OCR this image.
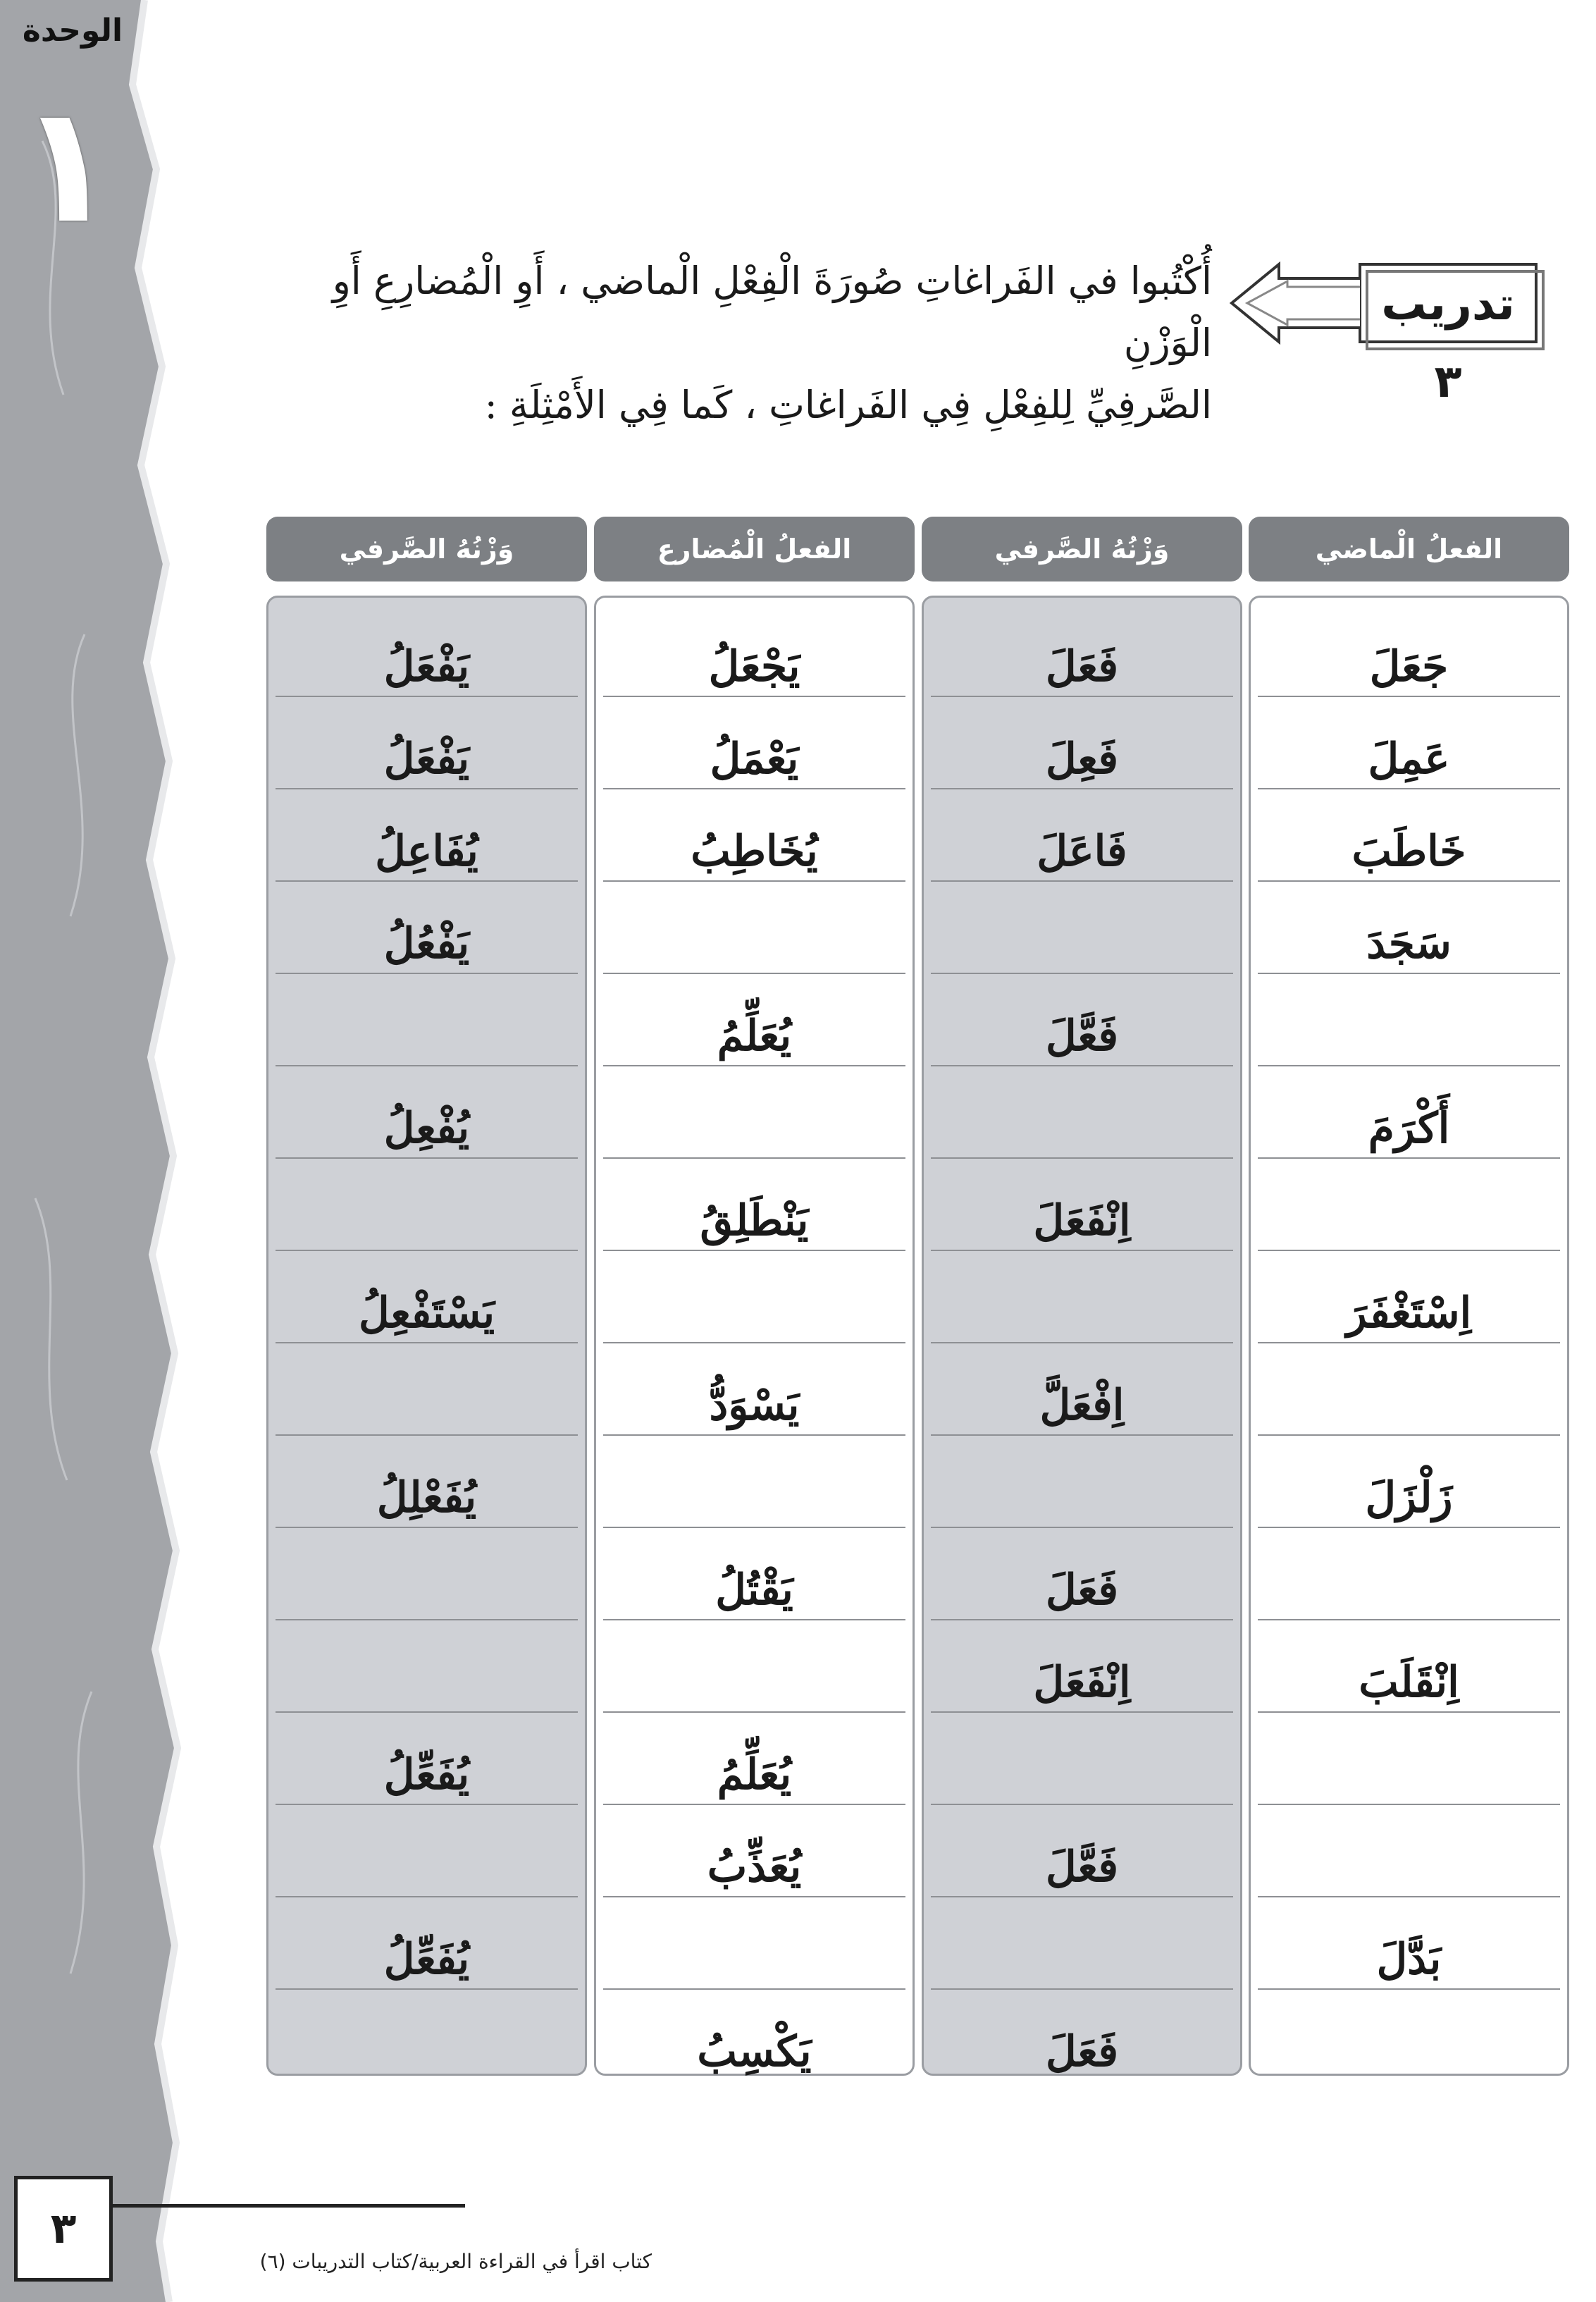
الوحدة
١
تدريب ٣
أُكْتُبوا في الفَراغاتِ صُورَةَ الْفِعْلِ الْماضي ، أَوِ الْمُضارِعِ أَوِ الْوَزْنِ
الصَّرفِيِّ لِلفِعْلِ فِي الفَراغاتِ ، كَما فِي الأَمْثِلَةِ :
الفعلُ الْماضي
وَزْنُهُ الصَّرفي
الفعلُ الْمُضارع
وَزْنُهُ الصَّرفي
جَعَلَ
عَمِلَ
خَاطَبَ
سَجَدَ
أَكْرَمَ
اِسْتَغْفَرَ
زَلْزَلَ
اِنْقَلَبَ
بَدَّلَ
فَعَلَ
فَعِلَ
فَاعَلَ
فَعَّلَ
اِنْفَعَلَ
اِفْعَلَّ
فَعَلَ
اِنْفَعَلَ
فَعَّلَ
فَعَلَ
يَجْعَلُ
يَعْمَلُ
يُخَاطِبُ
يُعَلِّمُ
يَنْطَلِقُ
يَسْوَدُّ
يَقْتُلُ
يُعَلِّمُ
يُعَذِّبُ
يَكْسِبُ
يَفْعَلُ
يَفْعَلُ
يُفَاعِلُ
يَفْعُلُ
يُفْعِلُ
يَسْتَفْعِلُ
يُفَعْلِلُ
يُفَعِّلُ
يُفَعِّلُ
٣
كتاب اقرأ في القراءة العربية/كتاب التدريبات (٦)
